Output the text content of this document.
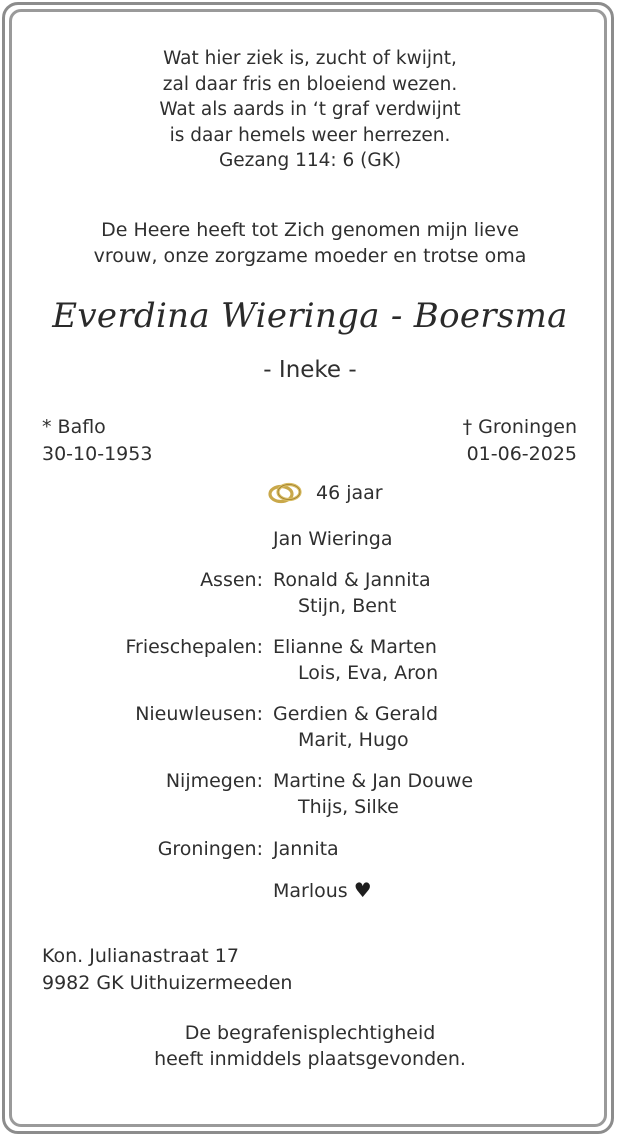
Wat hier ziek is, zucht of kwijnt,
zal daar fris en bloeiend wezen.
Wat als aards in ‘t graf verdwijnt
is daar hemels weer herrezen.
Gezang 114: 6 (GK)
De Heere heeft tot Zich genomen mijn lieve
vrouw, onze zorgzame moeder en trotse oma
Everdina Wieringa - Boersma
- Ineke -
* Baflo
30-10-1953
† Groningen
01-06-2025
46 jaar
Jan Wieringa
Assen: Ronald & Jannita
Stijn, Bent
Frieschepalen: Elianne & Marten
Lois, Eva, Aron
Nieuwleusen: Gerdien & Gerald
Marit, Hugo
Nijmegen: Martine & Jan Douwe
Thijs, Silke
Groningen: Jannita
Marlous ♥
Kon. Julianastraat 17
9982 GK Uithuizermeeden
De begrafenisplechtigheid
heeft inmiddels plaatsgevonden.
